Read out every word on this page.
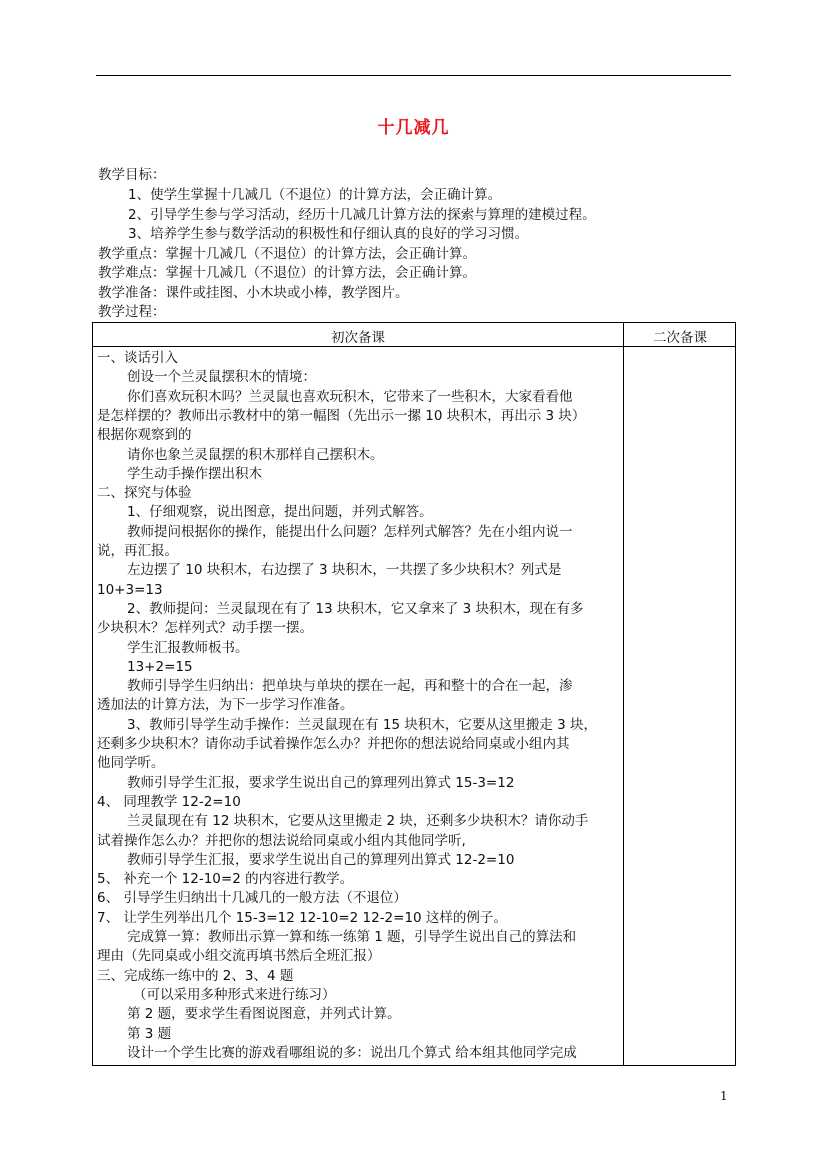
十几减几
教学目标：
1、使学生掌握十几减几（不退位）的计算方法，会正确计算。
2、引导学生参与学习活动，经历十几减几计算方法的探索与算理的建模过程。
3、培养学生参与数学活动的积极性和仔细认真的良好的学习习惯。
教学重点：掌握十几减几（不退位）的计算方法，会正确计算。
教学难点：掌握十几减几（不退位）的计算方法，会正确计算。
教学准备：课件或挂图、小木块或小棒，教学图片。
教学过程：
初次备课	二次备课
一、谈话引入
创设一个兰灵鼠摆积木的情境：
你们喜欢玩积木吗？兰灵鼠也喜欢玩积木，它带来了一些积木，大家看看他
是怎样摆的？教师出示教材中的第一幅图（先出示一摞 10 块积木，再出示 3 块）
根据你观察到的
请你也象兰灵鼠摆的积木那样自己摆积木。
学生动手操作摆出积木
二、探究与体验
1、仔细观察，说出图意，提出问题，并列式解答。
教师提问根据你的操作，能提出什么问题？怎样列式解答？先在小组内说一
说，再汇报。
左边摆了 10 块积木，右边摆了 3 块积木，一共摆了多少块积木？列式是
10+3=13
2、教师提问：兰灵鼠现在有了 13 块积木，它又拿来了 3 块积木，现在有多
少块积木？怎样列式？动手摆一摆。
学生汇报教师板书。
13+2=15
教师引导学生归纳出：把单块与单块的摆在一起，再和整十的合在一起，渗
透加法的计算方法，为下一步学习作准备。
3、教师引导学生动手操作：兰灵鼠现在有 15 块积木，它要从这里搬走 3 块，
还剩多少块积木？请你动手试着操作怎么办？并把你的想法说给同桌或小组内其
他同学听。
教师引导学生汇报，要求学生说出自己的算理列出算式 15-3=12
4、 同理教学 12-2=10
兰灵鼠现在有 12 块积木，它要从这里搬走 2 块，还剩多少块积木？请你动手
试着操作怎么办？并把你的想法说给同桌或小组内其他同学听,
教师引导学生汇报，要求学生说出自己的算理列出算式 12-2=10
5、 补充一个 12-10=2 的内容进行教学。
6、 引导学生归纳出十几减几的一般方法（不退位）
7、 让学生列举出几个 15-3=12 12-10=2 12-2=10 这样的例子。
完成算一算：教师出示算一算和练一练第 1 题，引导学生说出自己的算法和
理由（先同桌或小组交流再填书然后全班汇报）
三、完成练一练中的 2、3、4 题
（可以采用多种形式来进行练习）
第 2 题，要求学生看图说图意，并列式计算。
第 3 题
设计一个学生比赛的游戏看哪组说的多：说出几个算式 给本组其他同学完成
1
